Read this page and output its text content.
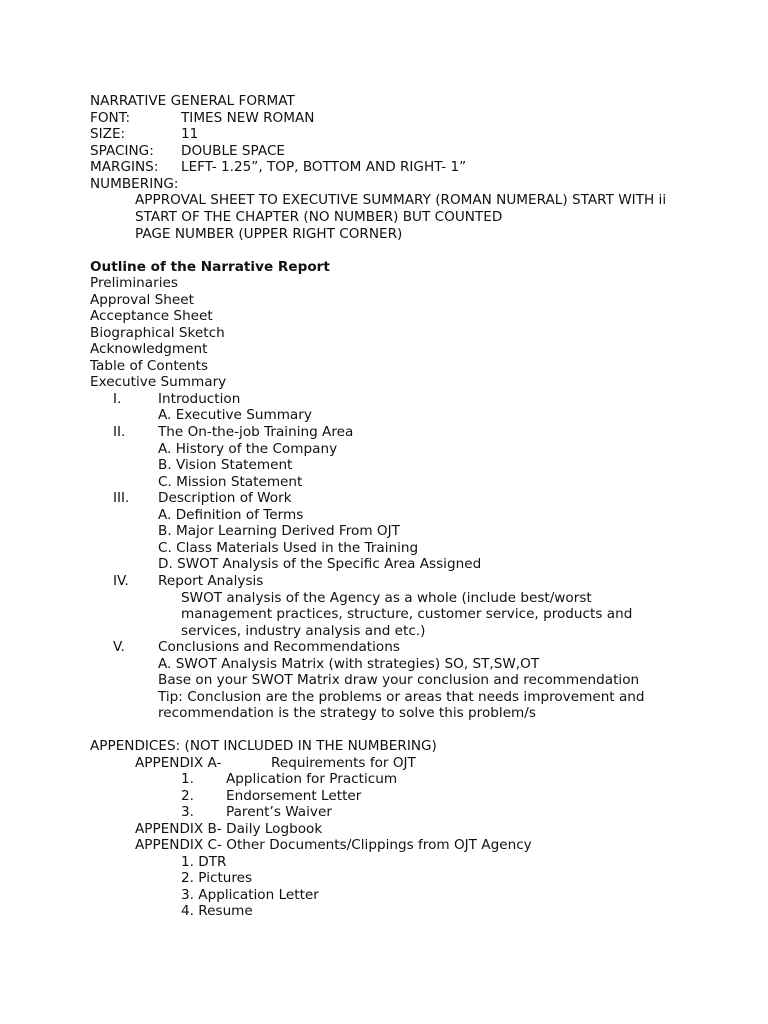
NARRATIVE GENERAL FORMAT
FONT:	TIMES NEW ROMAN
SIZE:	11
SPACING: DOUBLE SPACE
MARGINS: LEFT- 1.25”, TOP, BOTTOM AND RIGHT- 1”
NUMBERING:
APPROVAL SHEET TO EXECUTIVE SUMMARY (ROMAN NUMERAL) START WITH ii
START OF THE CHAPTER (NO NUMBER) BUT COUNTED
PAGE NUMBER (UPPER RIGHT CORNER)
Outline of the Narrative Report
Preliminaries
Approval Sheet
Acceptance Sheet
Biographical Sketch
Acknowledgment
Table of Contents
Executive Summary
I.	Introduction
A. Executive Summary
II. The On-the-job Training Area
A. History of the Company
B. Vision Statement
C. Mission Statement
III. Description of Work
A. Definition of Terms
B. Major Learning Derived From OJT
C. Class Materials Used in the Training
D. SWOT Analysis of the Specific Area Assigned
IV. Report Analysis
SWOT analysis of the Agency as a whole (include best/worst
management practices, structure, customer service, products and
services, industry analysis and etc.)
V. Conclusions and Recommendations
A. SWOT Analysis Matrix (with strategies) SO, ST,SW,OT
Base on your SWOT Matrix draw your conclusion and recommendation
Tip: Conclusion are the problems or areas that needs improvement and
recommendation is the strategy to solve this problem/s
APPENDICES: (NOT INCLUDED IN THE NUMBERING)
APPENDIX A-	Requirements for OJT
1. Application for Practicum
2. Endorsement Letter
3. Parent’s Waiver
APPENDIX B- Daily Logbook
APPENDIX C- Other Documents/Clippings from OJT Agency
1. DTR
2. Pictures
3. Application Letter
4. Resume
